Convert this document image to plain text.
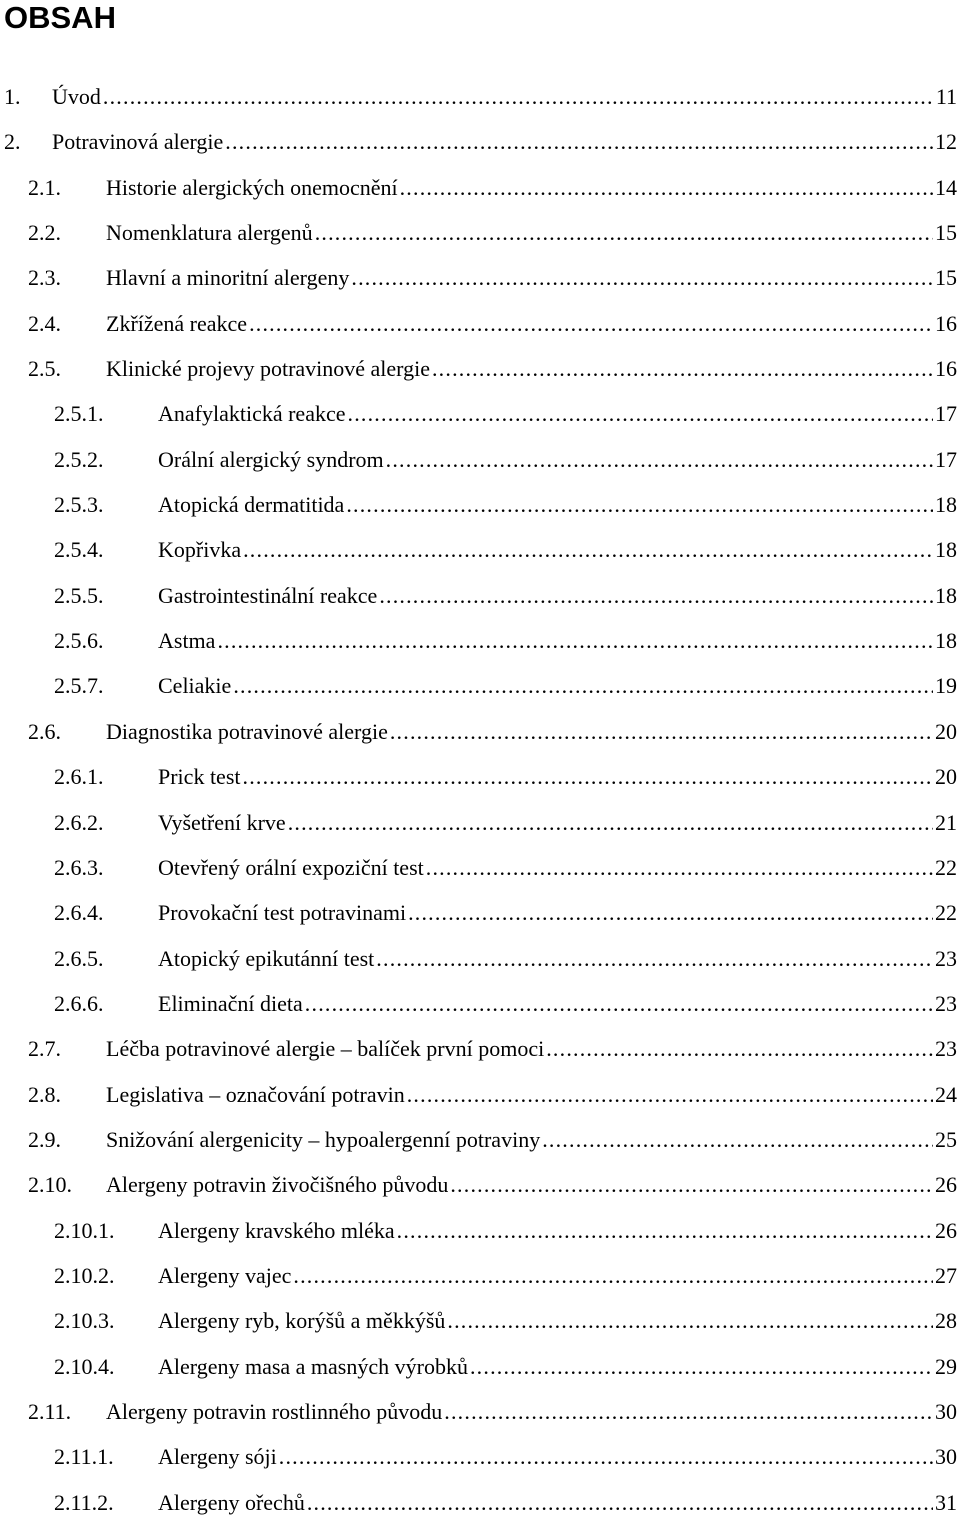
OBSAH
1. Úvod .....	11
2. Potravinová alergie .....	12
2.1. Historie alergických onemocnění .....	14
2.2. Nomenklatura alergenů .....	15
2.3. Hlavní a minoritní alergeny .....	15
2.4. Zkřížená reakce .....	16
2.5. Klinické projevy potravinové alergie .....	16
2.5.1. Anafylaktická reakce .....	17
2.5.2. Orální alergický syndrom .....	17
2.5.3. Atopická dermatitida .....	18
2.5.4. Kopřivka .....	18
2.5.5. Gastrointestinální reakce .....	18
2.5.6. Astma .....	18
2.5.7. Celiakie .....	19
2.6. Diagnostika potravinové alergie .....	20
2.6.1. Prick test .....	20
2.6.2. Vyšetření krve .....	21
2.6.3. Otevřený orální expoziční test .....	22
2.6.4. Provokační test potravinami .....	22
2.6.5. Atopický epikutánní test .....	23
2.6.6. Eliminační dieta .....	23
2.7. Léčba potravinové alergie – balíček první pomoci .....	23
2.8. Legislativa – označování potravin .....	24
2.9. Snižování alergenicity – hypoalergenní potraviny .....	25
2.10. Alergeny potravin živočišného původu .....	26
2.10.1. Alergeny kravského mléka .....	26
2.10.2. Alergeny vajec .....	27
2.10.3. Alergeny ryb, korýšů a měkkýšů .....	28
2.10.4. Alergeny masa a masných výrobků .....	29
2.11. Alergeny potravin rostlinného původu .....	30
2.11.1. Alergeny sóji .....	30
2.11.2. Alergeny ořechů .....	31
